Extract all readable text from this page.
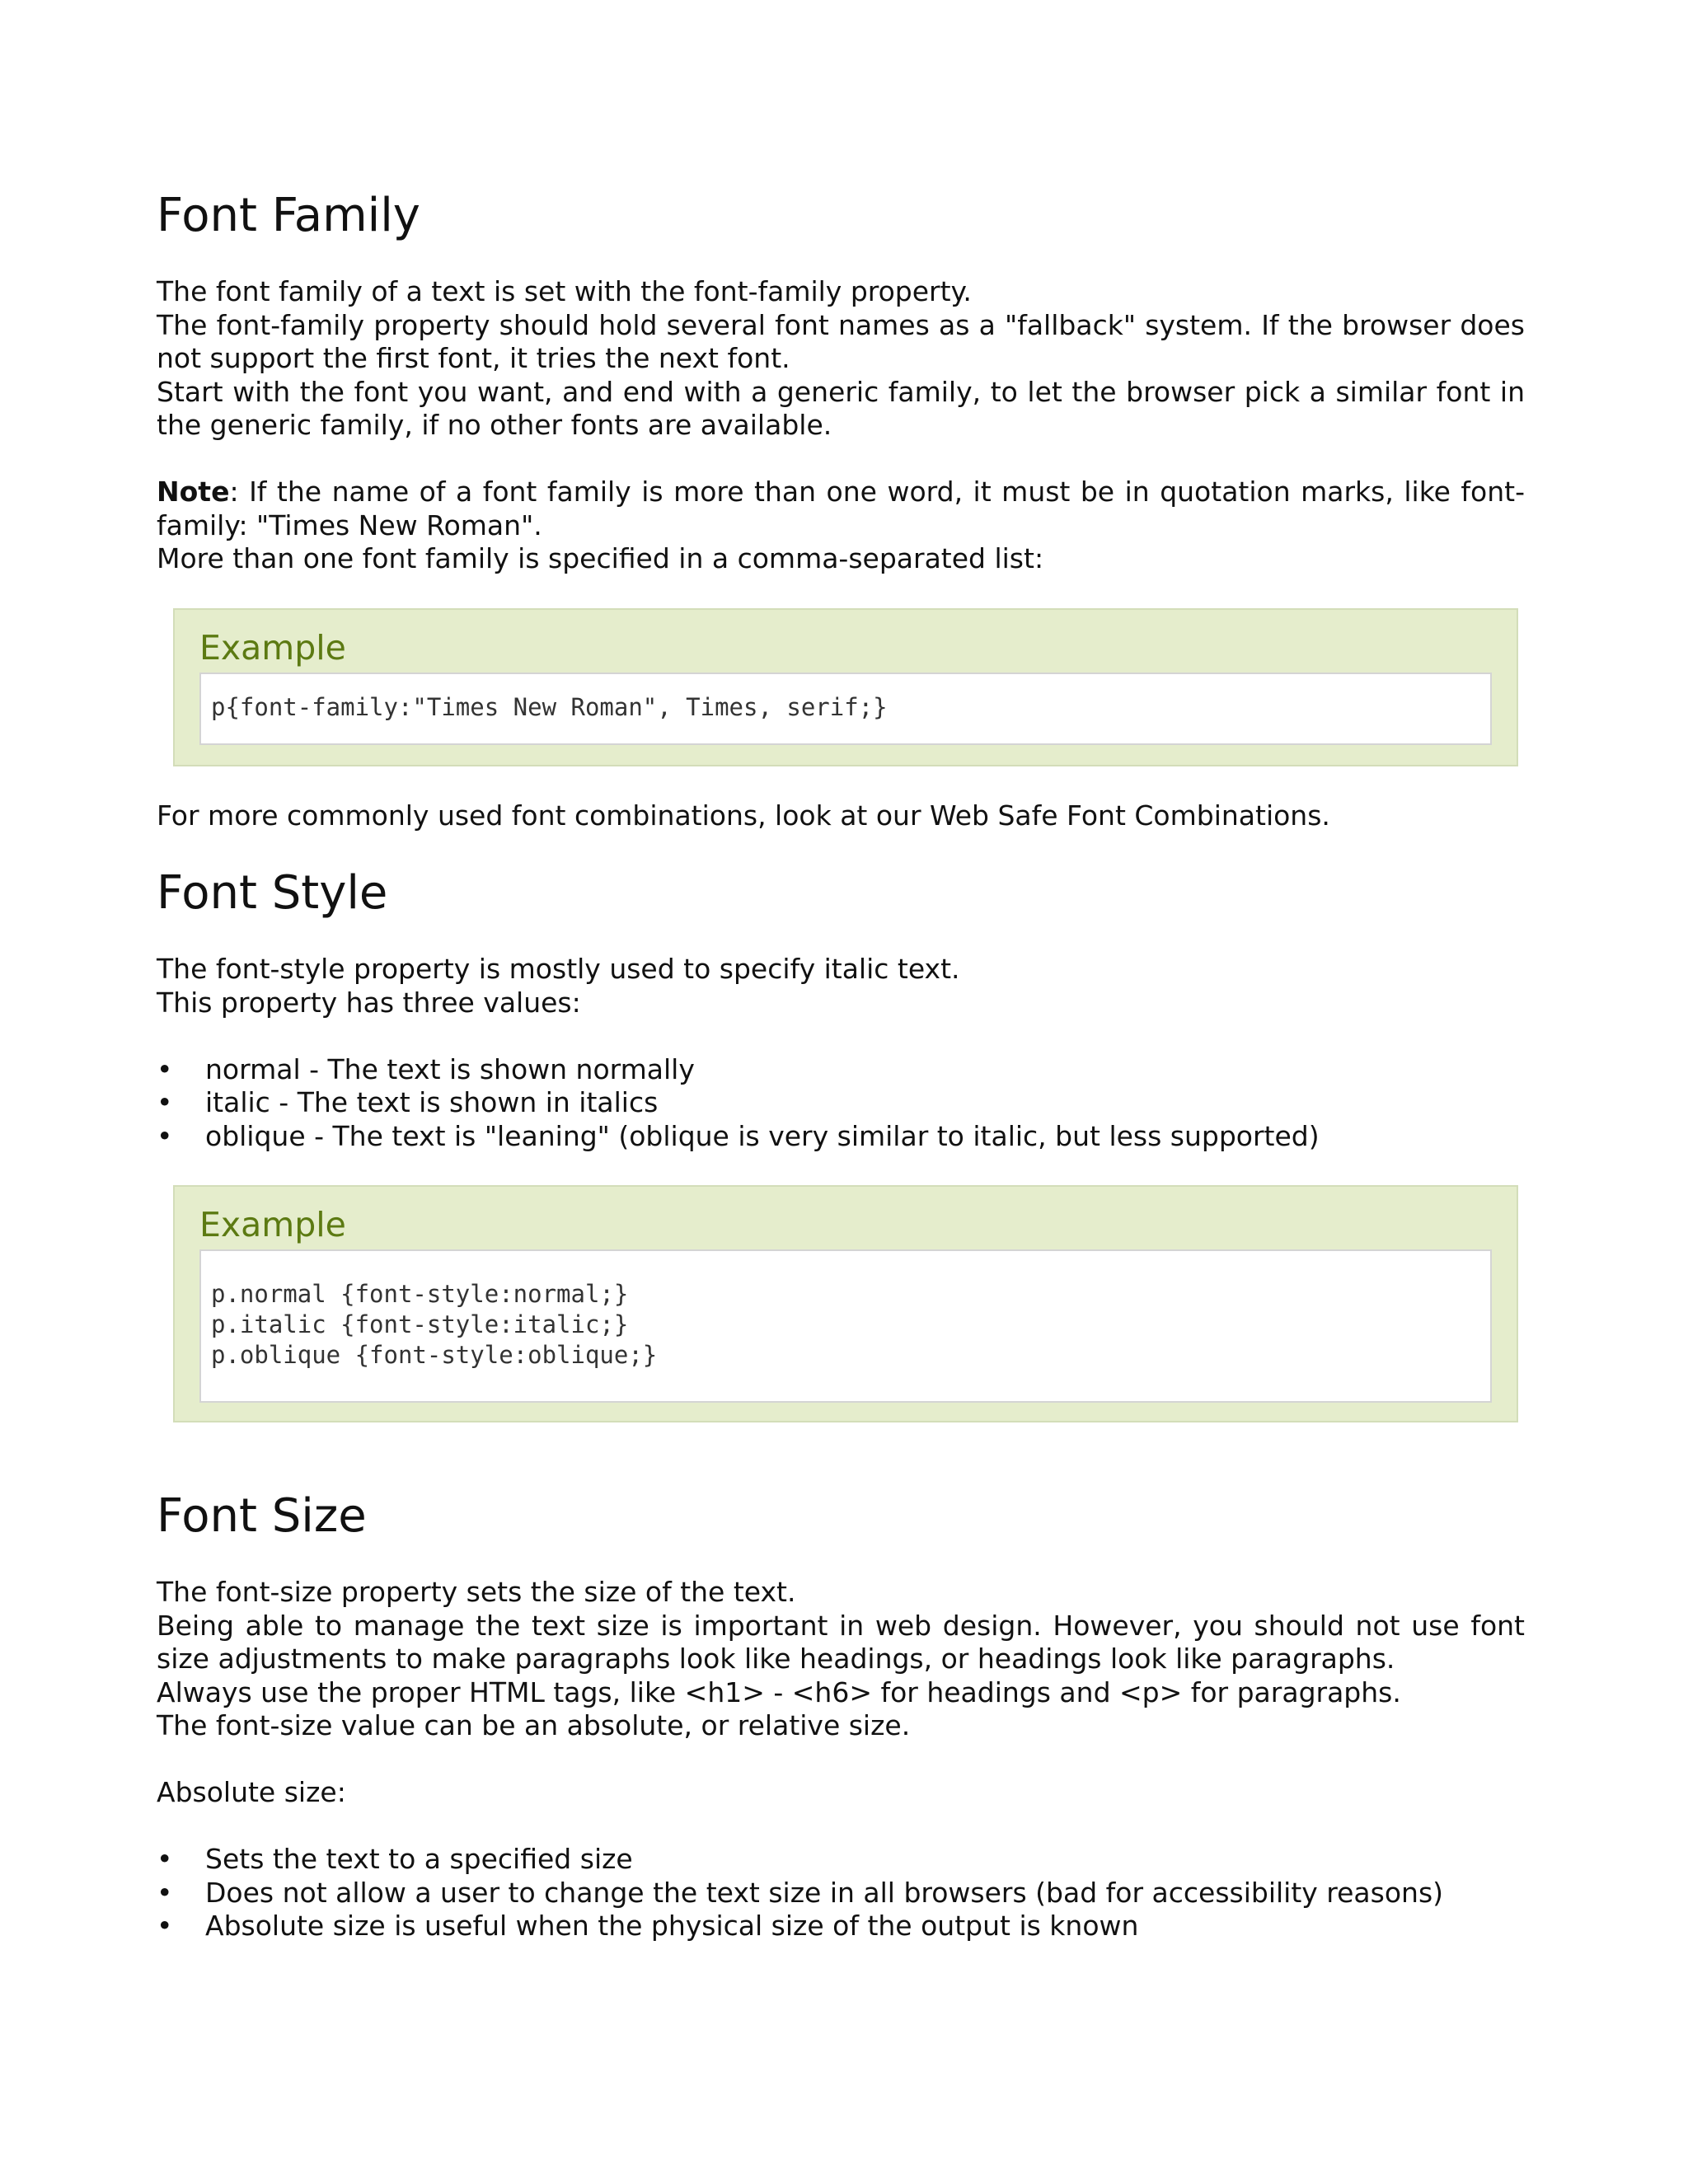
Font Family

The font family of a text is set with the font-family property.

The font-family property should hold several font names as a "fallback" system. If the browser does not support the first font, it tries the next font.

Start with the font you want, and end with a generic family, to let the browser pick a similar font in the generic family, if no other fonts are available.

Note: If the name of a font family is more than one word, it must be in quotation marks, like font-family: "Times New Roman".

More than one font family is specified in a comma-separated list:

Example
p{font-family:"Times New Roman", Times, serif;}
For more commonly used font combinations, look at our Web Safe Font Combinations.
Font Style

The font-style property is mostly used to specify italic text.

This property has three values:

•	normal - The text is shown normally
•	italic - The text is shown in italics
•	oblique - The text is "leaning" (oblique is very similar to italic, but less supported)
Example
p.normal {font-style:normal;}
p.italic {font-style:italic;}
p.oblique {font-style:oblique;}
Font Size

The font-size property sets the size of the text.

Being able to manage the text size is important in web design. However, you should not use font size adjustments to make paragraphs look like headings, or headings look like paragraphs.

Always use the proper HTML tags, like <h1> - <h6> for headings and <p> for paragraphs.

The font-size value can be an absolute, or relative size.

Absolute size:

•	Sets the text to a specified size
•	Does not allow a user to change the text size in all browsers (bad for accessibility reasons)
•	Absolute size is useful when the physical size of the output is known
